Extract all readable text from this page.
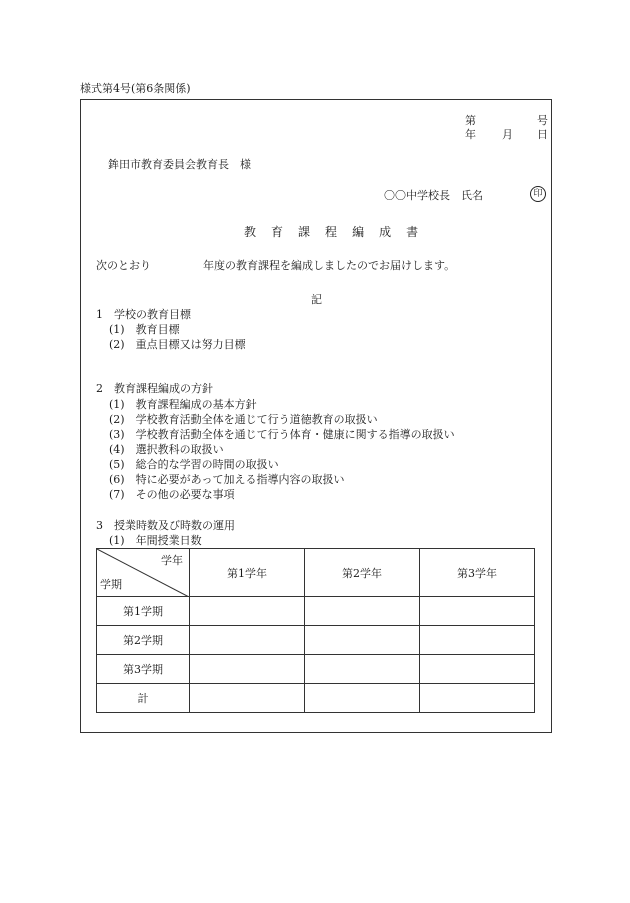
様式第4号(第6条関係)
第	号
年 月 日
鉾田市教育委員会教育長　様
〇〇中学校長　氏名	印
教 育 課 程 編 成 書
次のとおり	年度の教育課程を編成しましたのでお届けします。
記
1　学校の教育目標
(1)　教育目標
(2)　重点目標又は努力目標
2　教育課程編成の方針
(1)　教育課程編成の基本方針
(2)　学校教育活動全体を通じて行う道徳教育の取扱い
(3)　学校教育活動全体を通じて行う体育・健康に関する指導の取扱い
(4)　選択教科の取扱い
(5)　総合的な学習の時間の取扱い
(6)　特に必要があって加える指導内容の取扱い
(7)　その他の必要な事項
3　授業時数及び時数の運用
(1)　年間授業日数
学年
学期	第1学年	第2学年	第3学年
第1学期			
第2学期			
第3学期			
計			
